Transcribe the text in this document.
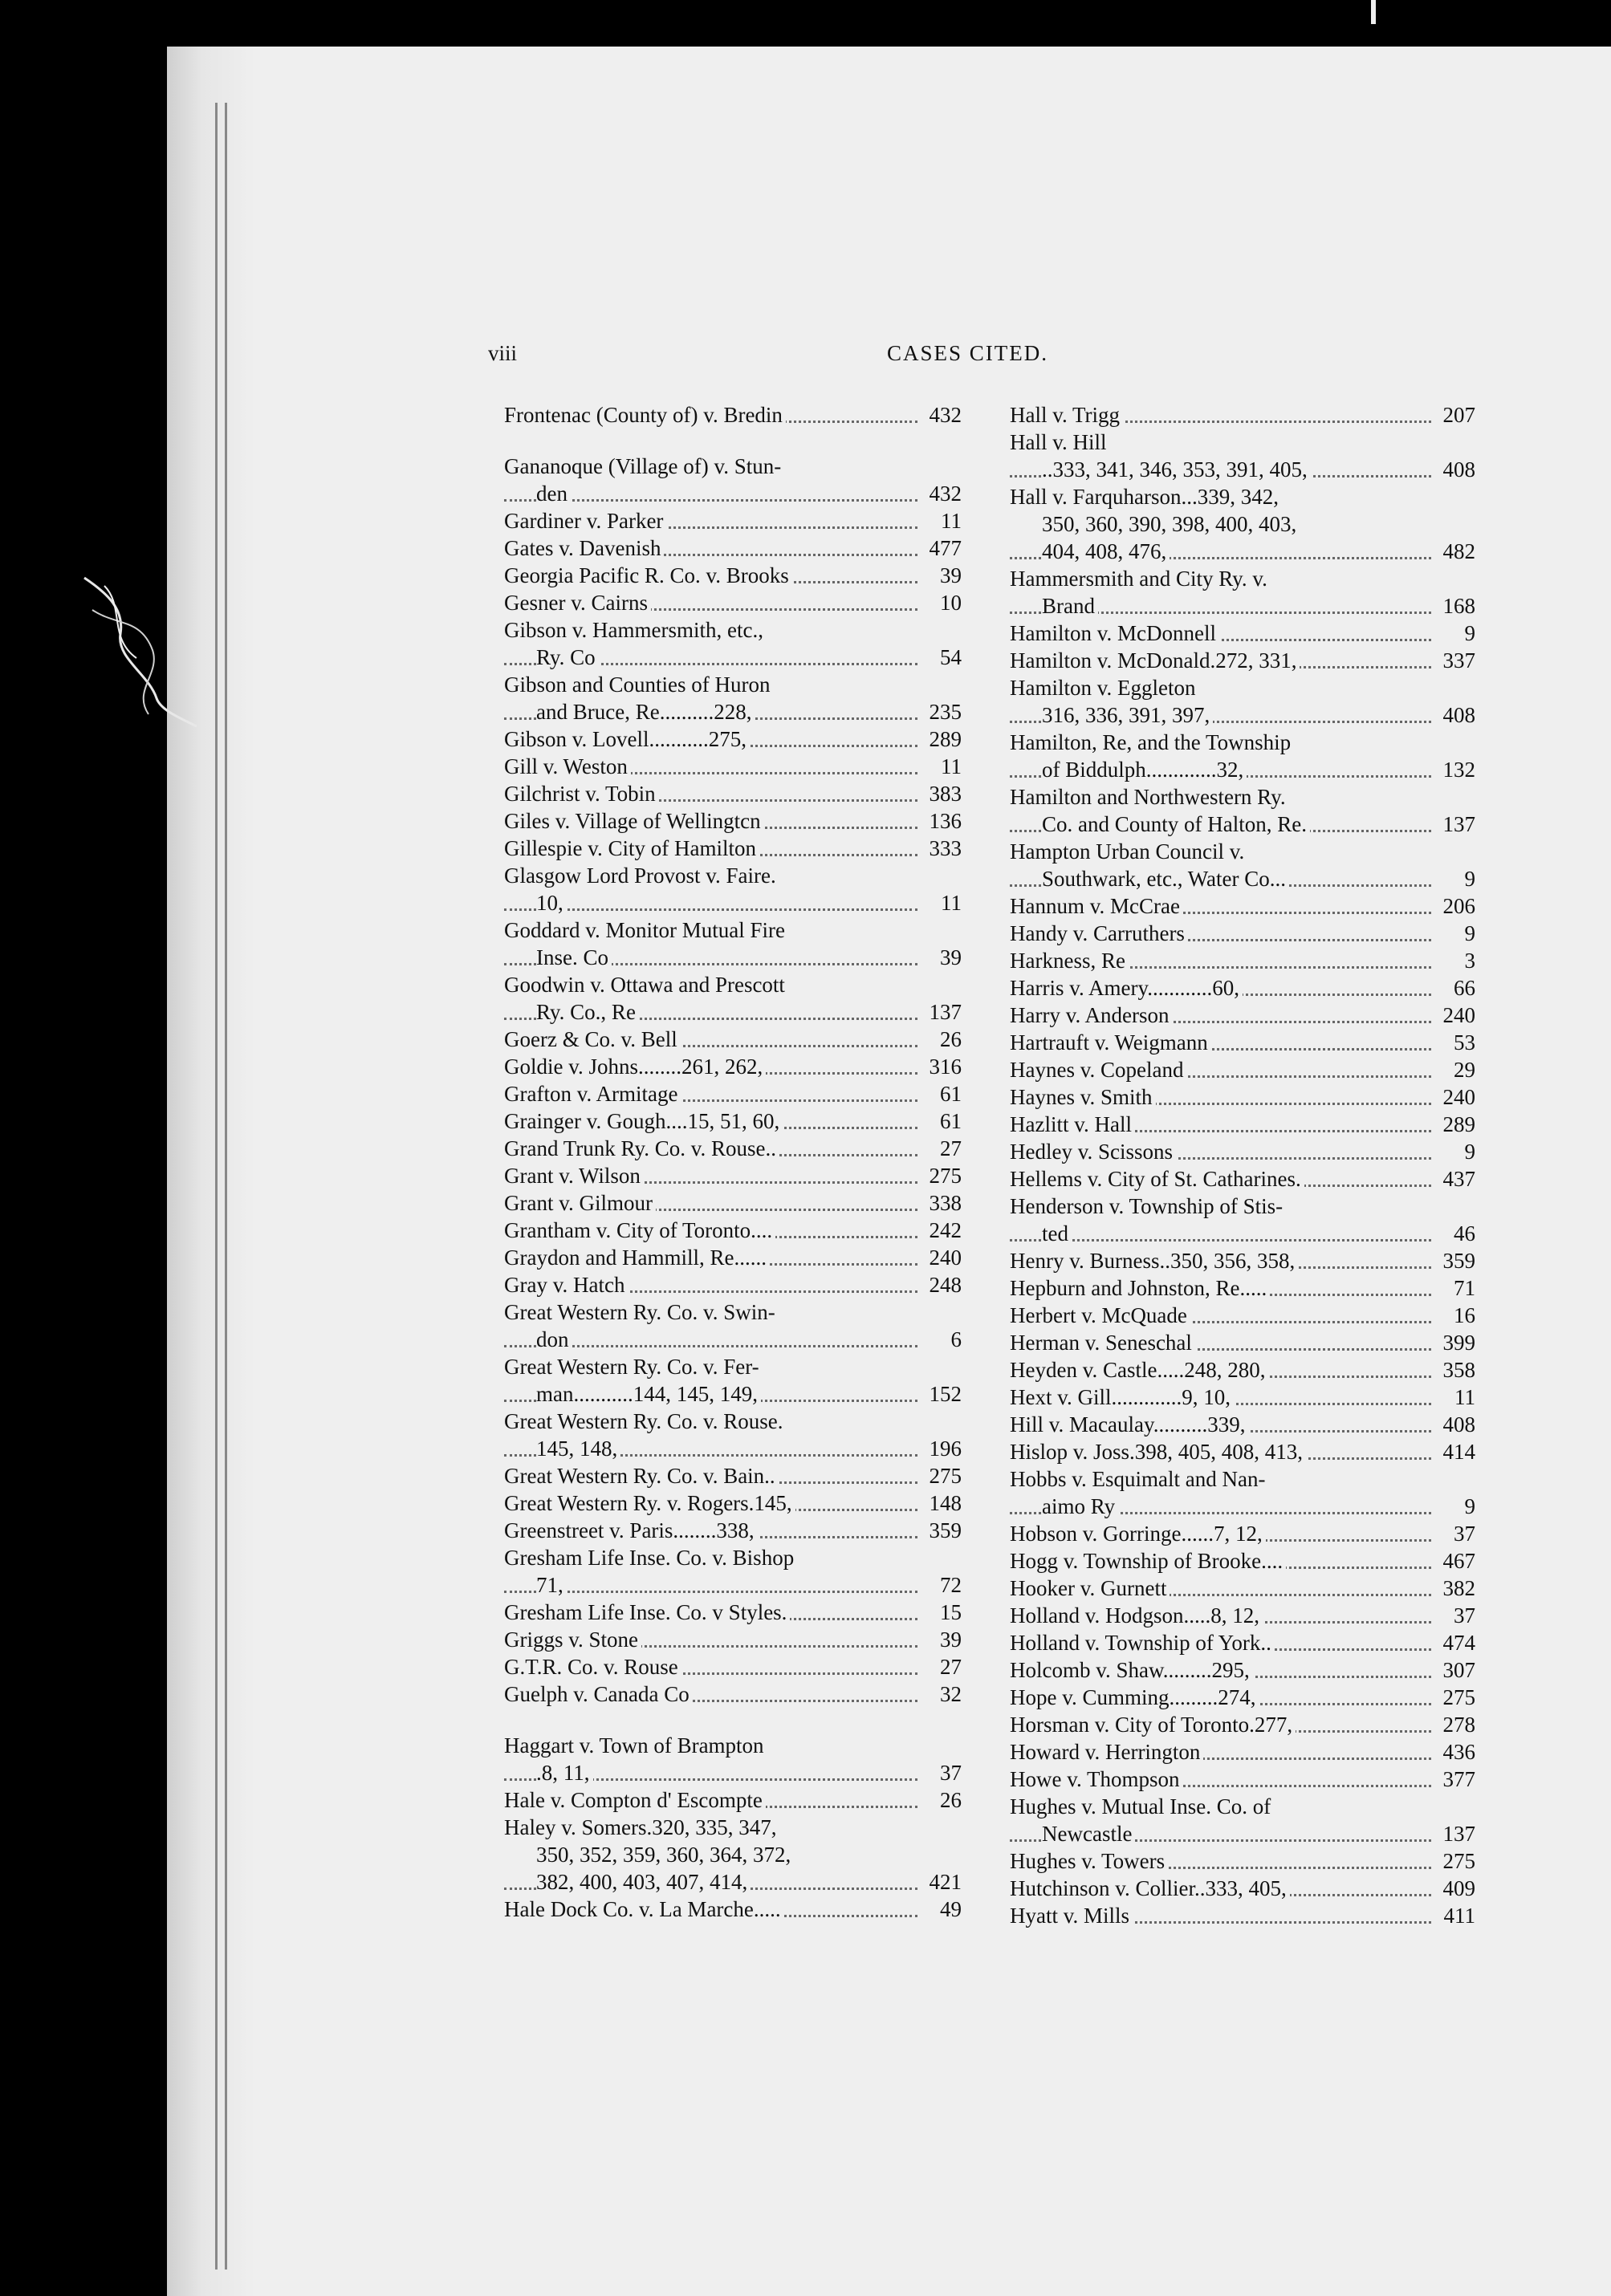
viii	CASES CITED.
Frontenac (County of) v. Bredin	432
Gananoque (Village of) v. Stun-
den	432
Gardiner v. Parker	11
Gates v. Davenish	477
Georgia Pacific R. Co. v. Brooks	39
Gesner v. Cairns	10
Gibson v. Hammersmith, etc.,
Ry. Co	54
Gibson and Counties of Huron
and Bruce, Re..........228,	235
Gibson v. Lovell...........275,	289
Gill v. Weston	11
Gilchrist v. Tobin	383
Giles v. Village of Wellingtcn	136
Gillespie v. City of Hamilton	333
Glasgow Lord Provost v. Faire.
10,	11
Goddard v. Monitor Mutual Fire
Inse. Co	39
Goodwin v. Ottawa and Prescott
Ry. Co., Re	137
Goerz & Co. v. Bell	26
Goldie v. Johns........261, 262,	316
Grafton v. Armitage	61
Grainger v. Gough....15, 51, 60,	61
Grand Trunk Ry. Co. v. Rouse..	27
Grant v. Wilson	275
Grant v. Gilmour	338
Grantham v. City of Toronto....	242
Graydon and Hammill, Re......	240
Gray v. Hatch	248
Great Western Ry. Co. v. Swin-
don	6
Great Western Ry. Co. v. Fer-
man...........144, 145, 149,	152
Great Western Ry. Co. v. Rouse.
145, 148,	196
Great Western Ry. Co. v. Bain..	275
Great Western Ry. v. Rogers.145,	148
Greenstreet v. Paris........338,	359
Gresham Life Inse. Co. v. Bishop
71,	72
Gresham Life Inse. Co. v Styles.	15
Griggs v. Stone	39
G.T.R. Co. v. Rouse	27
Guelph v. Canada Co	32
Haggart v. Town of Brampton
.8, 11,	37
Hale v. Compton d' Escompte	26
Haley v. Somers.320, 335, 347,
350, 352, 359, 360, 364, 372,
382, 400, 403, 407, 414,	421
Hale Dock Co. v. La Marche.....	49
Hall v. Trigg	207
Hall v. Hill
..333, 341, 346, 353, 391, 405,	408
Hall v. Farquharson...339, 342,
350, 360, 390, 398, 400, 403,
404, 408, 476,	482
Hammersmith and City Ry. v.
Brand	168
Hamilton v. McDonnell	9
Hamilton v. McDonald.272, 331,	337
Hamilton v. Eggleton
316, 336, 391, 397,	408
Hamilton, Re, and the Township
of Biddulph.............32,	132
Hamilton and Northwestern Ry.
Co. and County of Halton, Re.	137
Hampton Urban Council v.
Southwark, etc., Water Co...	9
Hannum v. McCrae	206
Handy v. Carruthers	9
Harkness, Re	3
Harris v. Amery............60,	66
Harry v. Anderson	240
Hartrauft v. Weigmann	53
Haynes v. Copeland	29
Haynes v. Smith	240
Hazlitt v. Hall	289
Hedley v. Scissons	9
Hellems v. City of St. Catharines.	437
Henderson v. Township of Stis-
ted	46
Henry v. Burness..350, 356, 358,	359
Hepburn and Johnston, Re.....	71
Herbert v. McQuade	16
Herman v. Seneschal	399
Heyden v. Castle.....248, 280,	358
Hext v. Gill.............9, 10,	11
Hill v. Macaulay..........339,	408
Hislop v. Joss.398, 405, 408, 413,	414
Hobbs v. Esquimalt and Nan-
aimo Ry	9
Hobson v. Gorringe......7, 12,	37
Hogg v. Township of Brooke....	467
Hooker v. Gurnett	382
Holland v. Hodgson.....8, 12,	37
Holland v. Township of York..	474
Holcomb v. Shaw.........295,	307
Hope v. Cumming.........274,	275
Horsman v. City of Toronto.277,	278
Howard v. Herrington	436
Howe v. Thompson	377
Hughes v. Mutual Inse. Co. of
Newcastle	137
Hughes v. Towers	275
Hutchinson v. Collier..333, 405,	409
Hyatt v. Mills	411
